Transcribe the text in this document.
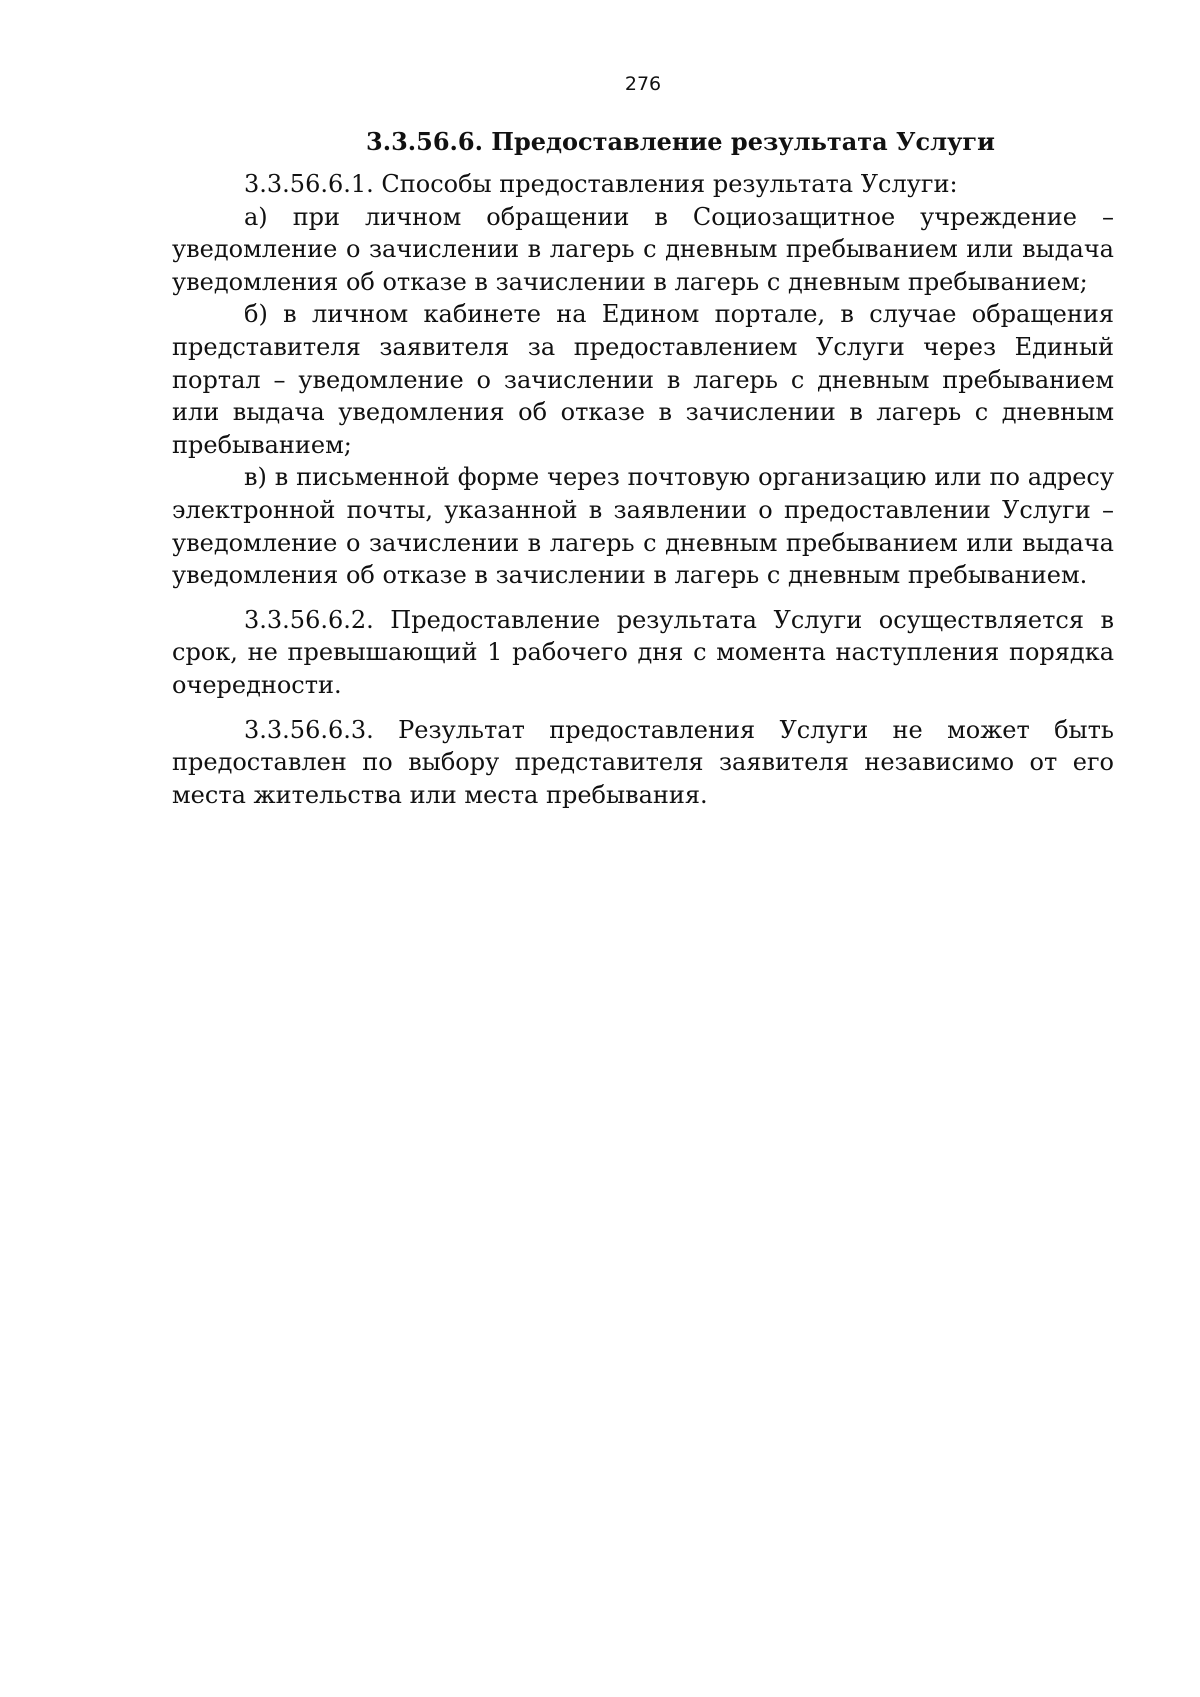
276
3.3.56.6. Предоставление результата Услуги

3.3.56.6.1. Способы предоставления результата Услуги:

а) при личном обращении в Социозащитное учреждение – уведомление о зачислении в лагерь с дневным пребыванием или выдача уведомления об отказе в зачислении в лагерь с дневным пребыванием;

б) в личном кабинете на Едином портале, в случае обращения представителя заявителя за предоставлением Услуги через Единый портал – уведомление о зачислении в лагерь с дневным пребыванием или выдача уведомления об отказе в зачислении в лагерь с дневным пребыванием;

в) в письменной форме через почтовую организацию или по адресу электронной почты, указанной в заявлении о предоставлении Услуги – уведомление о зачислении в лагерь с дневным пребыванием или выдача уведомления об отказе в зачислении в лагерь с дневным пребыванием.

3.3.56.6.2. Предоставление результата Услуги осуществляется в срок, не превышающий 1 рабочего дня с момента наступления порядка очередности.

3.3.56.6.3. Результат предоставления Услуги не может быть предоставлен по выбору представителя заявителя независимо от его места жительства или места пребывания.
